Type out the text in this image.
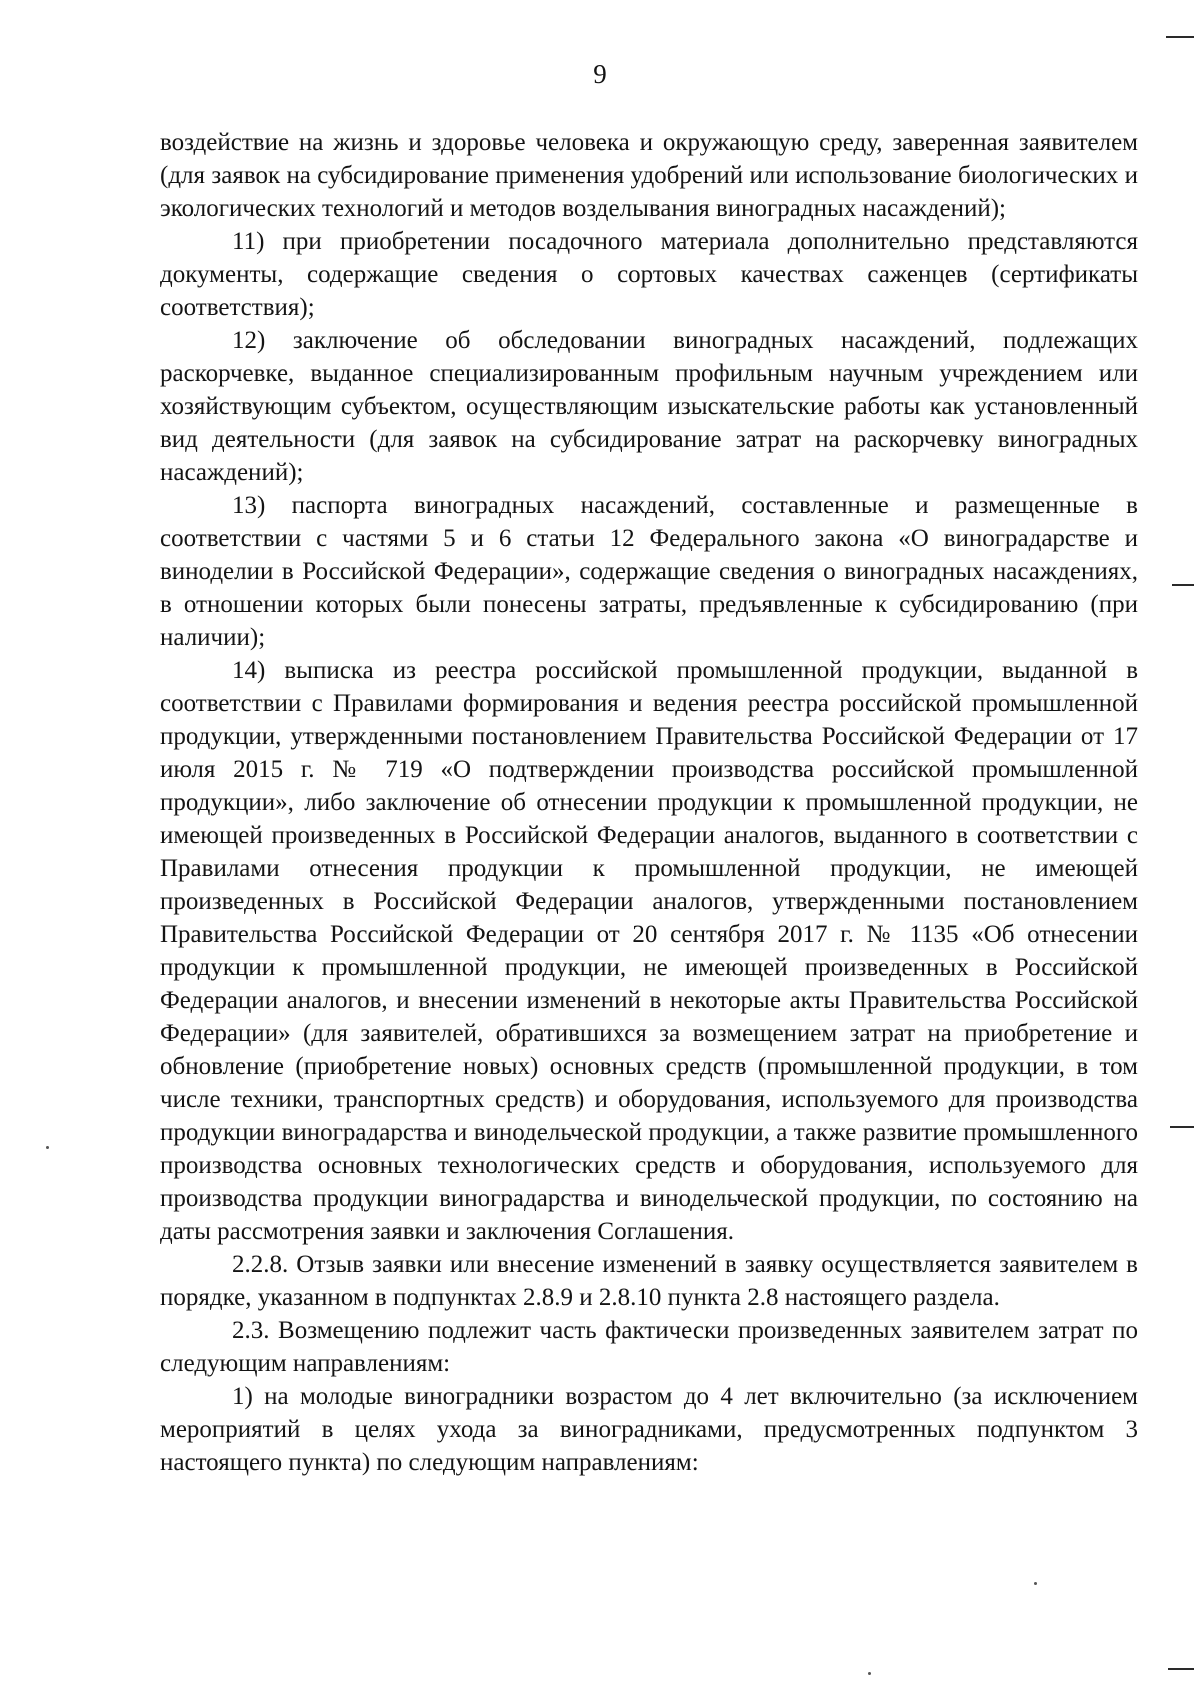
9

воздействие на жизнь и здоровье человека и окружающую среду, заверенная заявителем (для заявок на субсидирование применения удобрений или использование биологических и экологических технологий и методов возделывания виноградных насаждений);

11) при приобретении посадочного материала дополнительно представляются документы, содержащие сведения о сортовых качествах саженцев (сертификаты соответствия);

12) заключение об обследовании виноградных насаждений, подлежащих раскорчевке, выданное специализированным профильным научным учреждением или хозяйствующим субъектом, осуществляющим изыскательские работы как установленный вид деятельности (для заявок на субсидирование затрат на раскорчевку виноградных насаждений);

13) паспорта виноградных насаждений, составленные и размещенные в соответствии с частями 5 и 6 статьи 12 Федерального закона «О виноградарстве и виноделии в Российской Федерации», содержащие сведения о виноградных насаждениях, в отношении которых были понесены затраты, предъявленные к субсидированию (при наличии);

14) выписка из реестра российской промышленной продукции, выданной в соответствии с Правилами формирования и ведения реестра российской промышленной продукции, утвержденными постановлением Правительства Российской Федерации от 17 июля 2015 г. № 719 «О подтверждении производства российской промышленной продукции», либо заключение об отнесении продукции к промышленной продукции, не имеющей произведенных в Российской Федерации аналогов, выданного в соответствии с Правилами отнесения продукции к промышленной продукции, не имеющей произведенных в Российской Федерации аналогов, утвержденными постановлением Правительства Российской Федерации от 20 сентября 2017 г. № 1135 «Об отнесении продукции к промышленной продукции, не имеющей произведенных в Российской Федерации аналогов, и внесении изменений в некоторые акты Правительства Российской Федерации» (для заявителей, обратившихся за возмещением затрат на приобретение и обновление (приобретение новых) основных средств (промышленной продукции, в том числе техники, транспортных средств) и оборудования, используемого для производства продукции виноградарства и винодельческой продукции, а также развитие промышленного производства основных технологических средств и оборудования, используемого для производства продукции виноградарства и винодельческой продукции, по состоянию на даты рассмотрения заявки и заключения Соглашения.

2.2.8. Отзыв заявки или внесение изменений в заявку осуществляется заявителем в порядке, указанном в подпунктах 2.8.9 и 2.8.10 пункта 2.8 настоящего раздела.

2.3. Возмещению подлежит часть фактически произведенных заявителем затрат по следующим направлениям:

1) на молодые виноградники возрастом до 4 лет включительно (за исключением мероприятий в целях ухода за виноградниками, предусмотренных подпунктом 3 настоящего пункта) по следующим направлениям:
